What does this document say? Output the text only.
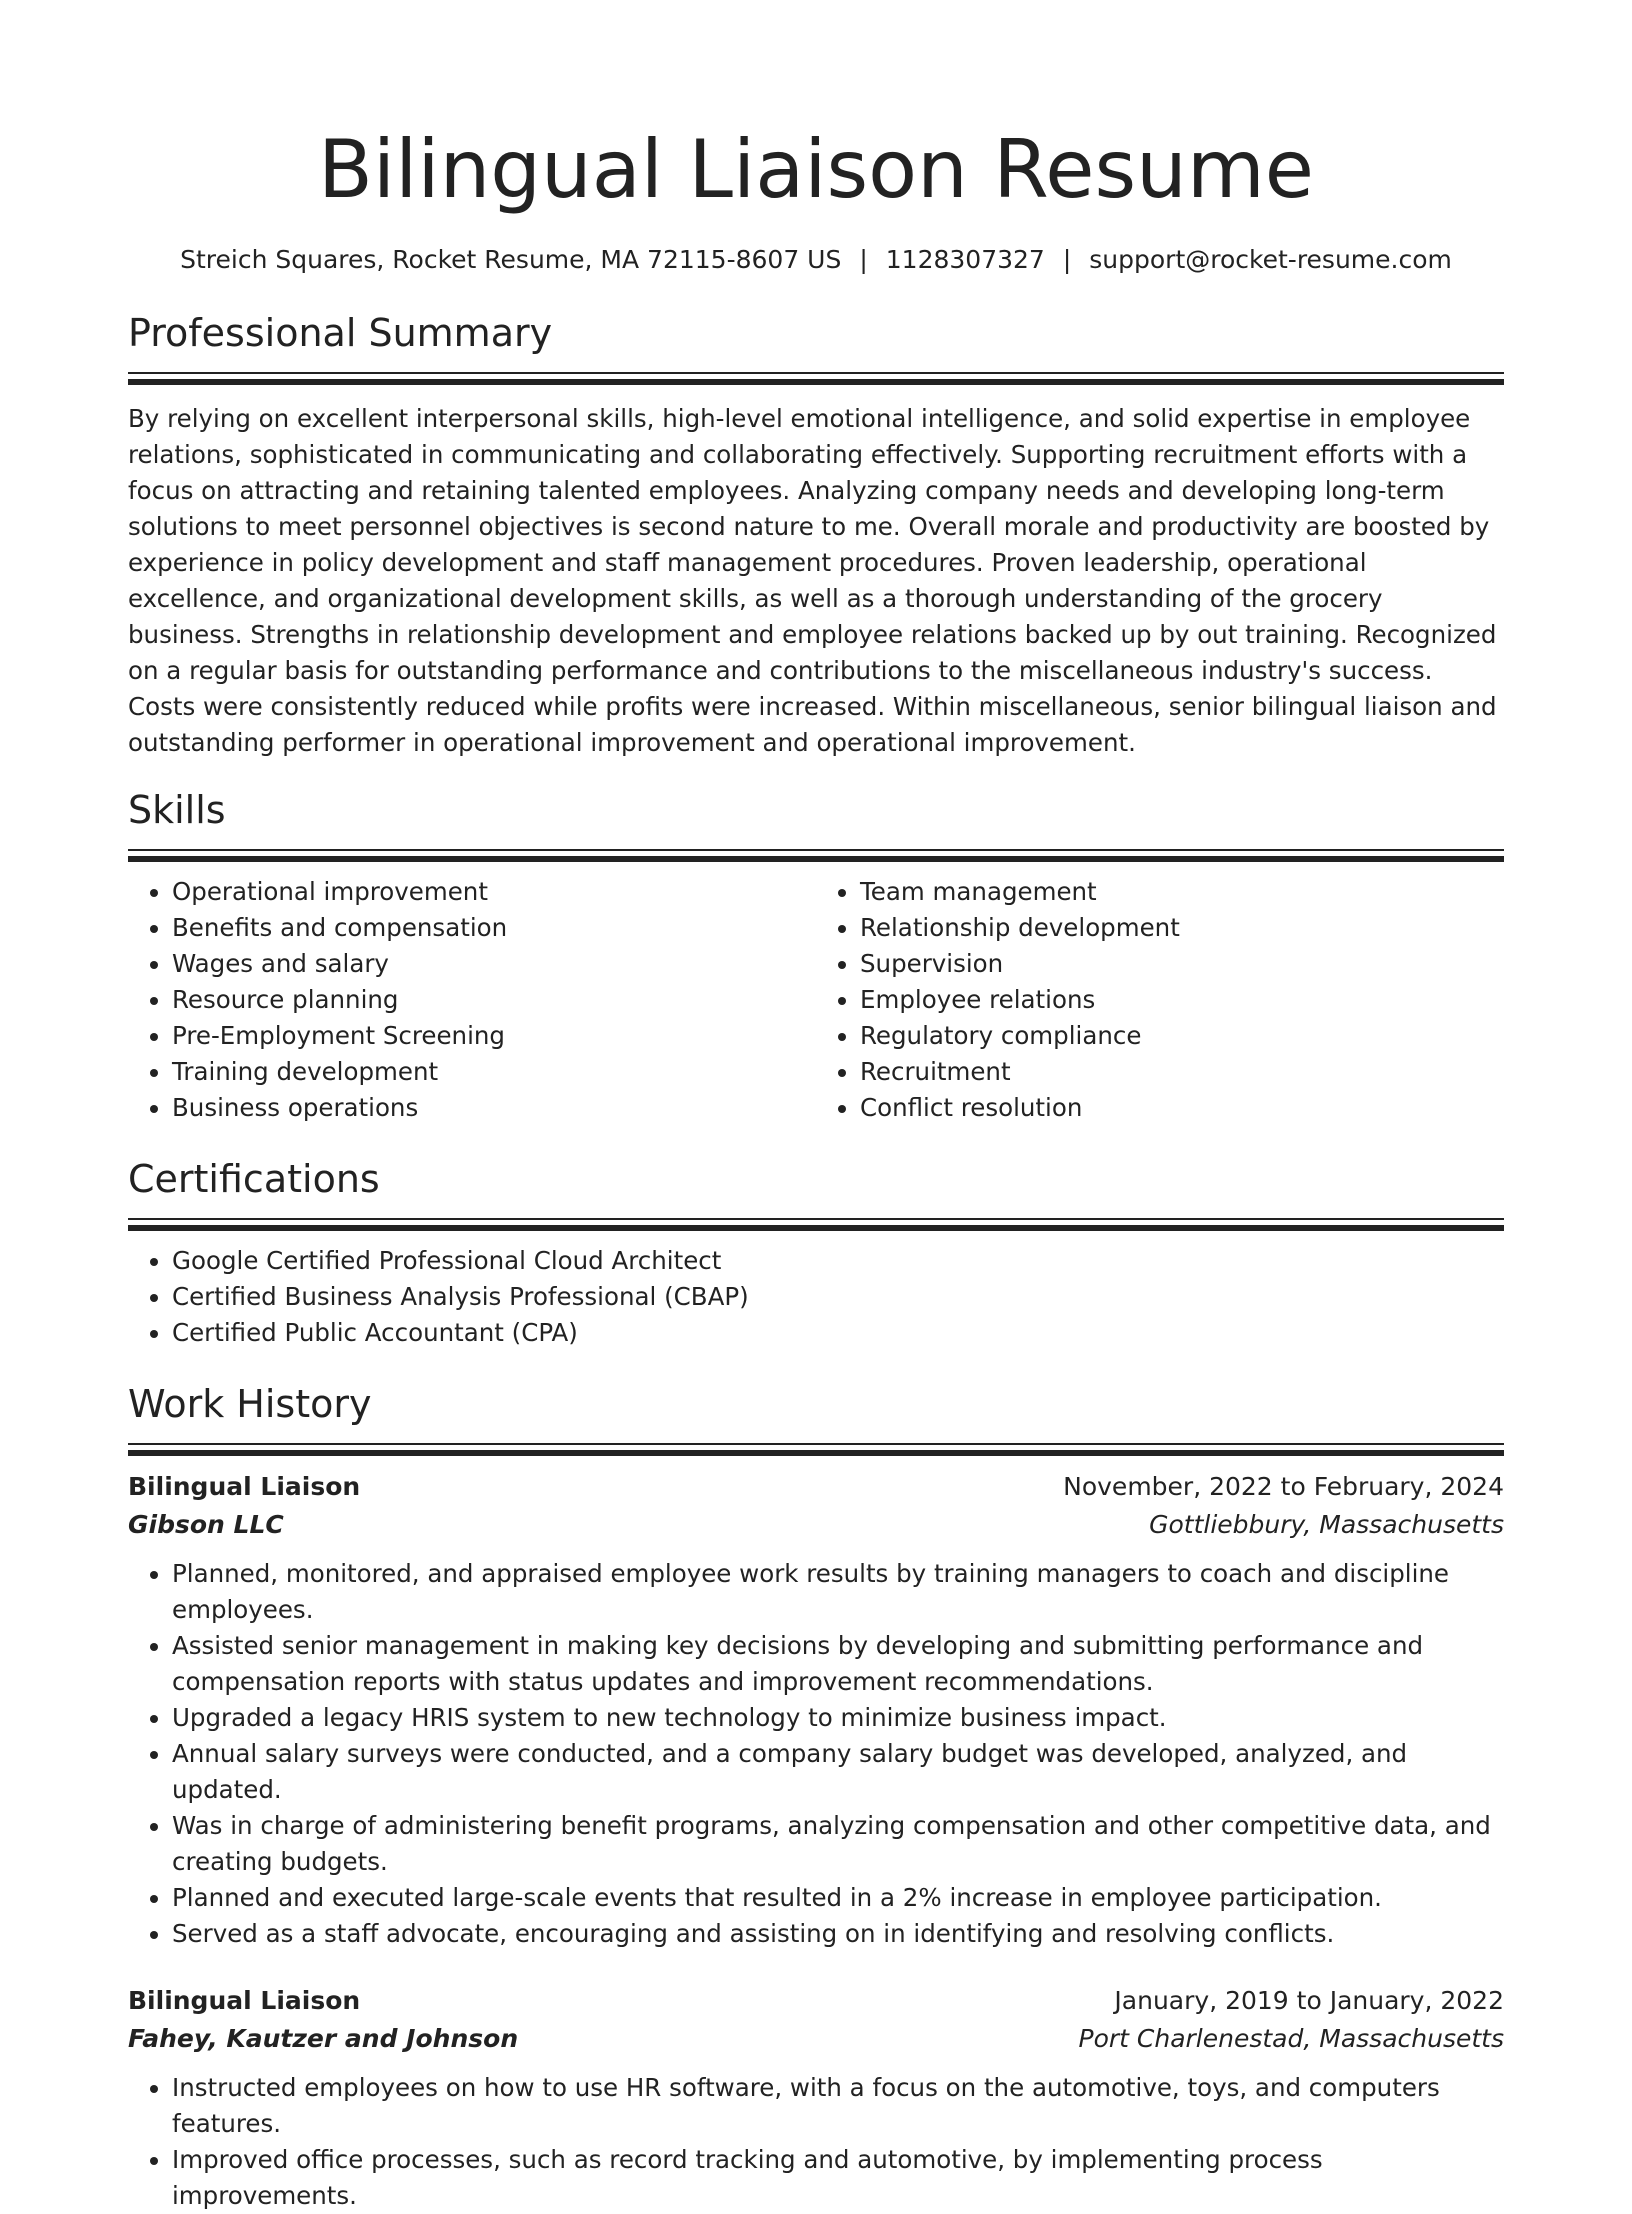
Bilingual Liaison Resume
Streich Squares, Rocket Resume, MA 72115-8607 US | 1128307327 | support@rocket-resume.com
Professional Summary

By relying on excellent interpersonal skills, high-level emotional intelligence, and solid expertise in employee relations, sophisticated in communicating and collaborating effectively. Supporting recruitment efforts with a focus on attracting and retaining talented employees. Analyzing company needs and developing long-term solutions to meet personnel objectives is second nature to me. Overall morale and productivity are boosted by experience in policy development and staff management procedures. Proven leadership, operational excellence, and organizational development skills, as well as a thorough understanding of the grocery business. Strengths in relationship development and employee relations backed up by out training. Recognized on a regular basis for outstanding performance and contributions to the miscellaneous industry's success. Costs were consistently reduced while profits were increased. Within miscellaneous, senior bilingual liaison and outstanding performer in operational improvement and operational improvement.

Skills
• Operational improvement
• Benefits and compensation
• Wages and salary
• Resource planning
• Pre-Employment Screening
• Training development
• Business operations
• Team management
• Relationship development
• Supervision
• Employee relations
• Regulatory compliance
• Recruitment
• Conflict resolution
Certifications
• Google Certified Professional Cloud Architect
• Certified Business Analysis Professional (CBAP)
• Certified Public Accountant (CPA)
Work History
Bilingual Liaison	November, 2022 to February, 2024
Gibson LLC	Gottliebbury, Massachusetts
• Planned, monitored, and appraised employee work results by training managers to coach and discipline employees.
• Assisted senior management in making key decisions by developing and submitting performance and compensation reports with status updates and improvement recommendations.
• Upgraded a legacy HRIS system to new technology to minimize business impact.
• Annual salary surveys were conducted, and a company salary budget was developed, analyzed, and updated.
• Was in charge of administering benefit programs, analyzing compensation and other competitive data, and creating budgets.
• Planned and executed large-scale events that resulted in a 2% increase in employee participation.
• Served as a staff advocate, encouraging and assisting on in identifying and resolving conflicts.
Bilingual Liaison	January, 2019 to January, 2022
Fahey, Kautzer and Johnson	Port Charlenestad, Massachusetts
• Instructed employees on how to use HR software, with a focus on the automotive, toys, and computers features.
• Improved office processes, such as record tracking and automotive, by implementing process improvements.
